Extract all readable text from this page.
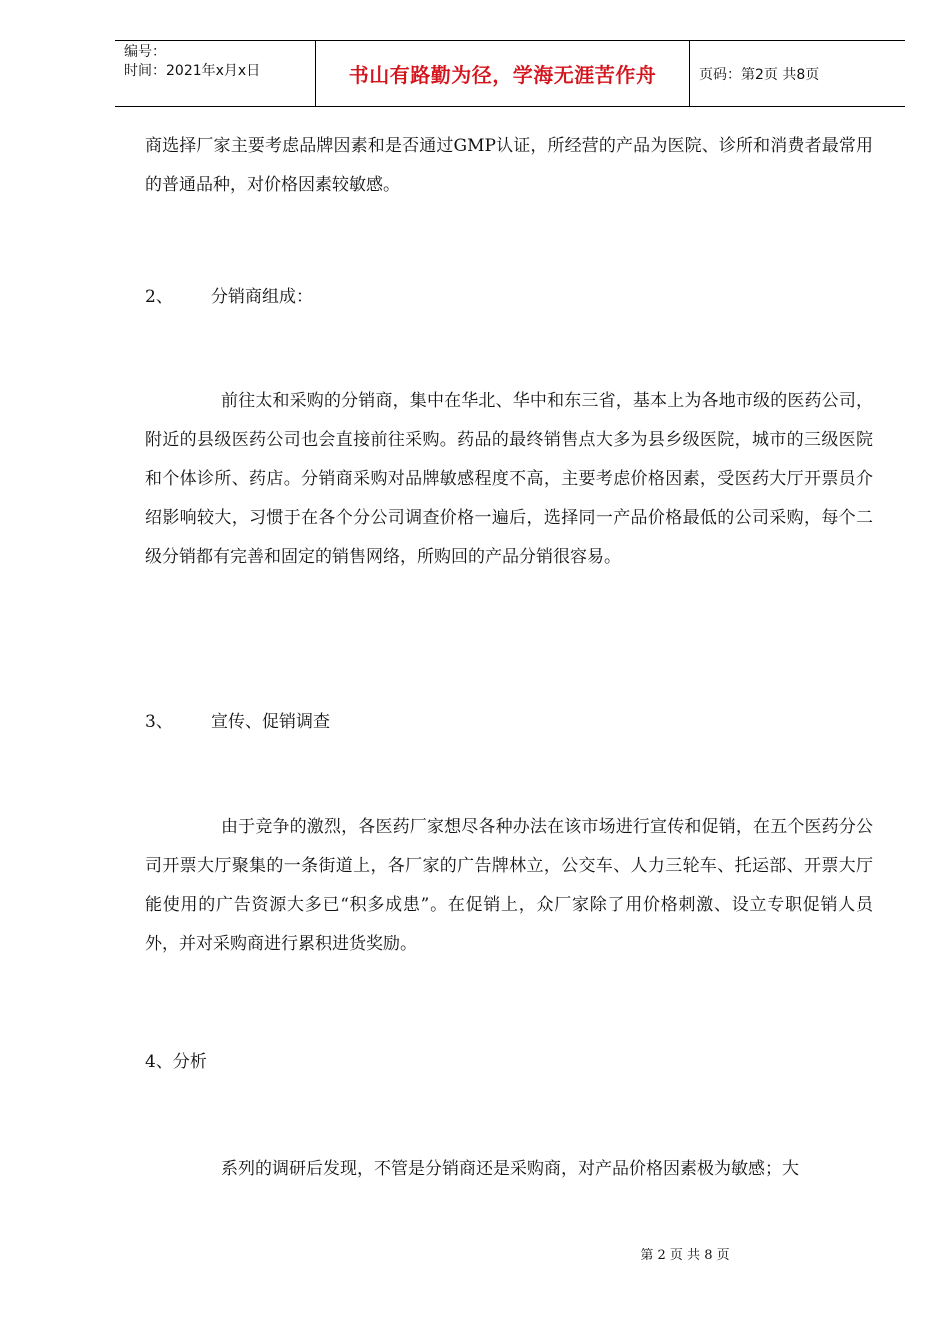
编号：
时间：2021年x月x日	书山有路勤为径，学海无涯苦作舟	页码：第2页 共8页

商选择厂家主要考虑品牌因素和是否通过GMP认证，所经营的产品为医院、诊所和消费者最常用的普通品种，对价格因素较敏感。

2、 分销商组成：

前往太和采购的分销商，集中在华北、华中和东三省，基本上为各地市级的医药公司，附近的县级医药公司也会直接前往采购。药品的最终销售点大多为县乡级医院，城市的三级医院和个体诊所、药店。分销商采购对品牌敏感程度不高，主要考虑价格因素，受医药大厅开票员介绍影响较大，习惯于在各个分公司调查价格一遍后，选择同一产品价格最低的公司采购，每个二级分销都有完善和固定的销售网络，所购回的产品分销很容易。

3、 宣传、促销调查

由于竞争的激烈，各医药厂家想尽各种办法在该市场进行宣传和促销，在五个医药分公司开票大厅聚集的一条街道上，各厂家的广告牌林立，公交车、人力三轮车、托运部、开票大厅能使用的广告资源大多已“积多成患”。在促销上，众厂家除了用价格刺激、设立专职促销人员外，并对采购商进行累积进货奖励。

4、分析

系列的调研后发现，不管是分销商还是采购商，对产品价格因素极为敏感；大

第 2 页 共 8 页
